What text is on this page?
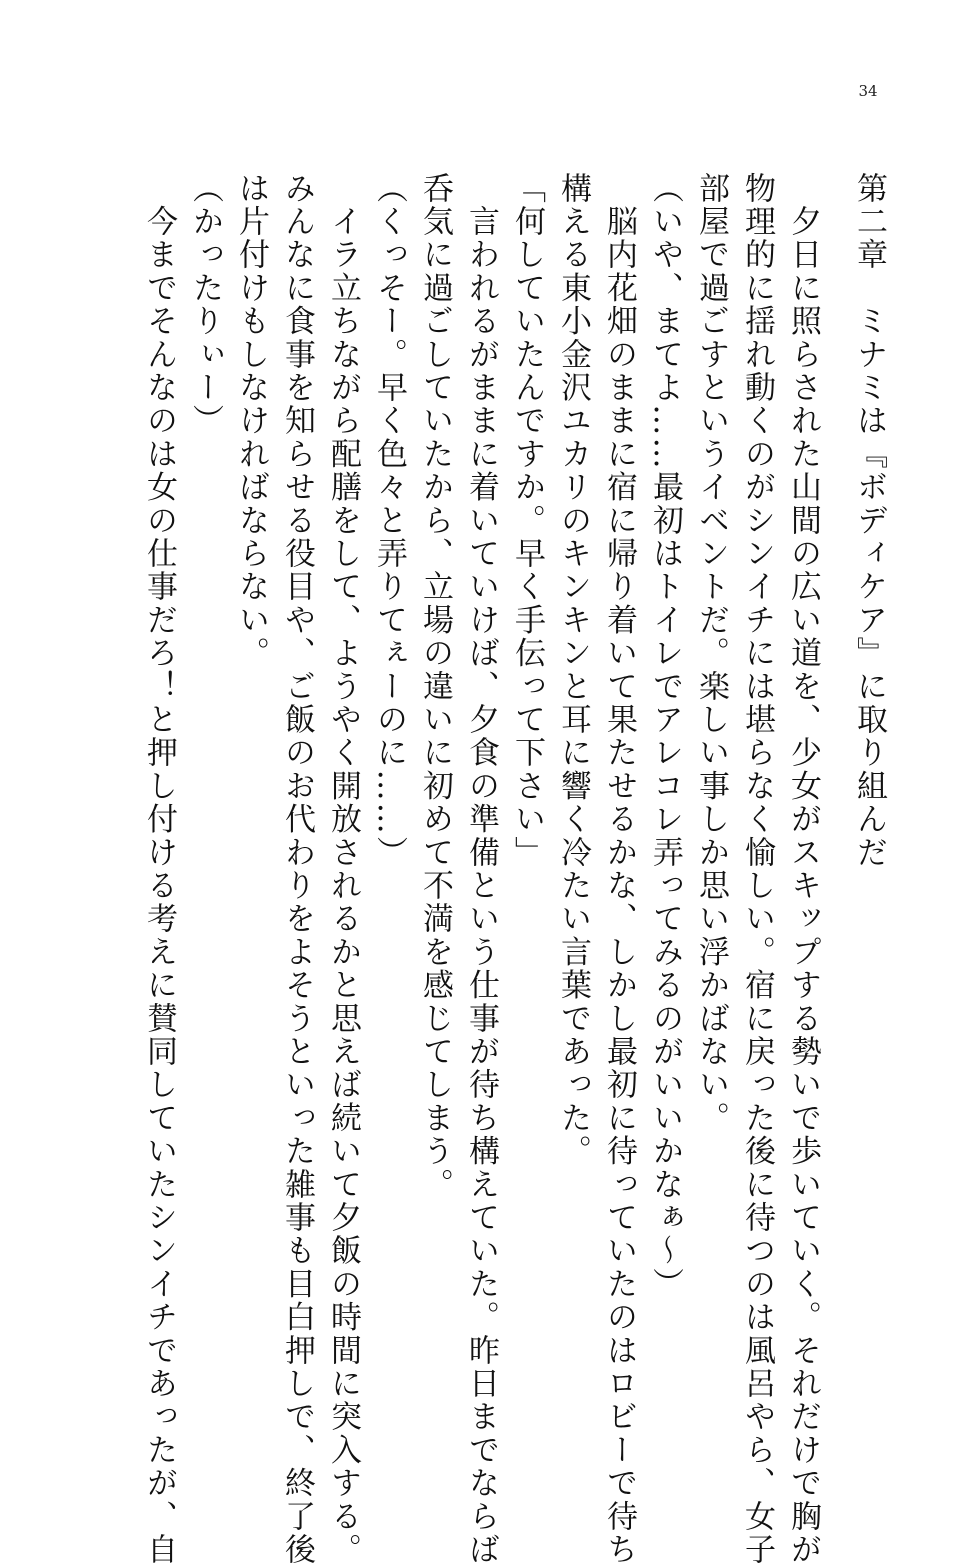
34
第二章　ミナミは『ボディケア』に取り組んだ
　夕日に照らされた山間の広い道を、少女がスキップする勢いで歩いていく。それだけで胸が
物理的に揺れ動くのがシンイチには堪らなく愉しい。宿に戻った後に待つのは風呂やら、女子
部屋で過ごすというイベントだ。楽しい事しか思い浮かばない。
（いや、まてよ……最初はトイレでアレコレ弄ってみるのがいいかなぁ～）
　脳内花畑のままに宿に帰り着いて果たせるかな、しかし最初に待っていたのはロビーで待ち
構える東小金沢ユカリのキンキンと耳に響く冷たい言葉であった。
「何していたんですか。早く手伝って下さい」
　言われるがままに着いていけば、夕食の準備という仕事が待ち構えていた。昨日までならば
呑気に過ごしていたから、立場の違いに初めて不満を感じてしまう。
（くっそー。早く色々と弄りてぇーのに……）
　イラ立ちながら配膳をして、ようやく開放されるかと思えば続いて夕飯の時間に突入する。
みんなに食事を知らせる役目や、ご飯のお代わりをよそうといった雑事も目白押しで、終了後
は片付けもしなければならない。
（かったりぃー）
　今までそんなのは女の仕事だろ！と押し付ける考えに賛同していたシンイチであったが、自
